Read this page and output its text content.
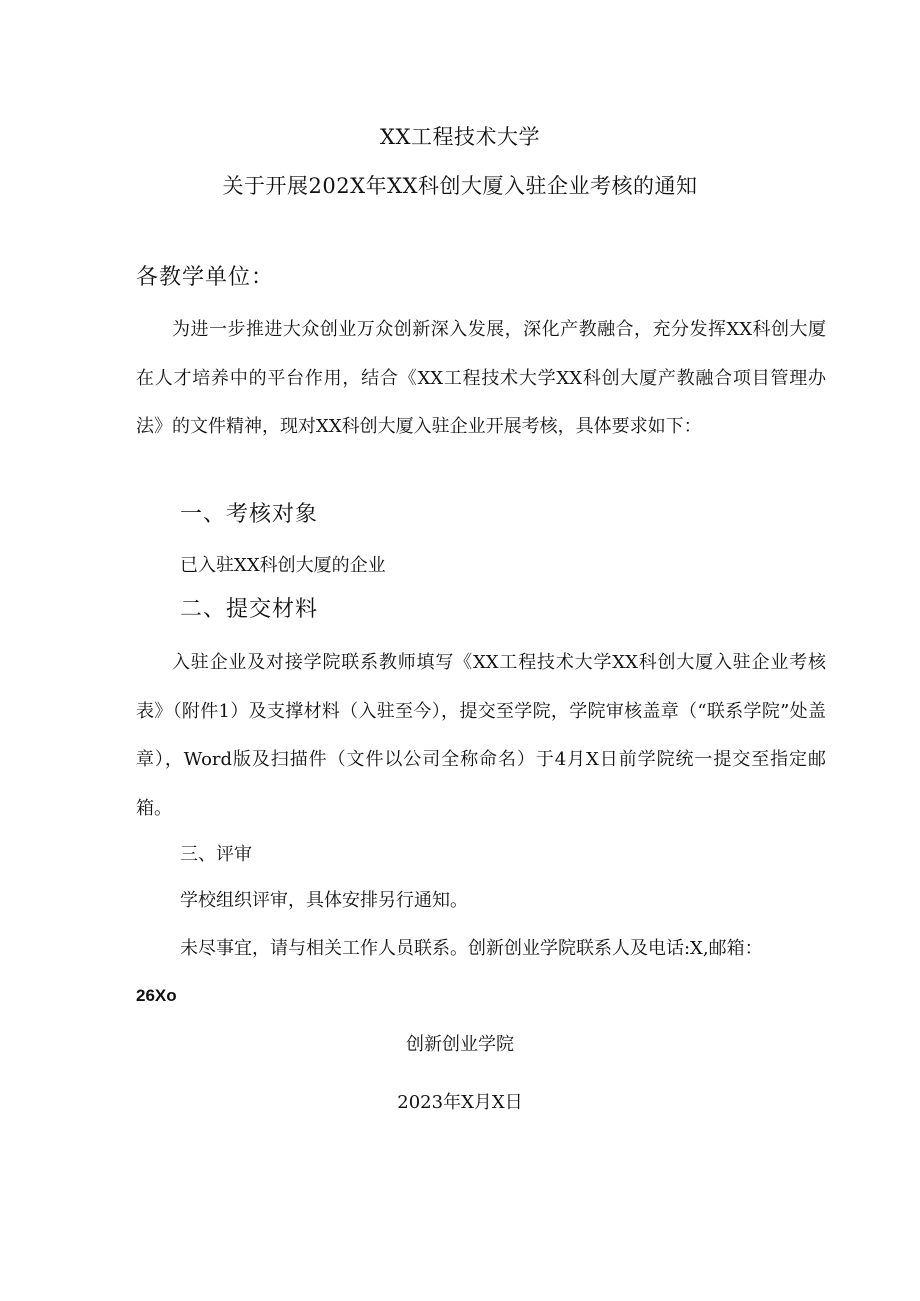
XX工程技术大学
关于开展202X年XX科创大厦入驻企业考核的通知
各教学单位：
为进一步推进大众创业万众创新深入发展，深化产教融合，充分发挥XX科创大厦在人才培养中的平台作用，结合《XX工程技术大学XX科创大厦产教融合项目管理办法》的文件精神，现对XX科创大厦入驻企业开展考核，具体要求如下：
一、考核对象
已入驻XX科创大厦的企业
二、提交材料
入驻企业及对接学院联系教师填写《XX工程技术大学XX科创大厦入驻企业考核表》（附件1）及支撑材料（入驻至今），提交至学院，学院审核盖章（“联系学院”处盖章），Word版及扫描件（文件以公司全称命名）于4月X日前学院统一提交至指定邮箱。
三、评审
学校组织评审，具体安排另行通知。
未尽事宜，请与相关工作人员联系。创新创业学院联系人及电话:X,邮箱：
26Xo
创新创业学院
2023年X月X日
